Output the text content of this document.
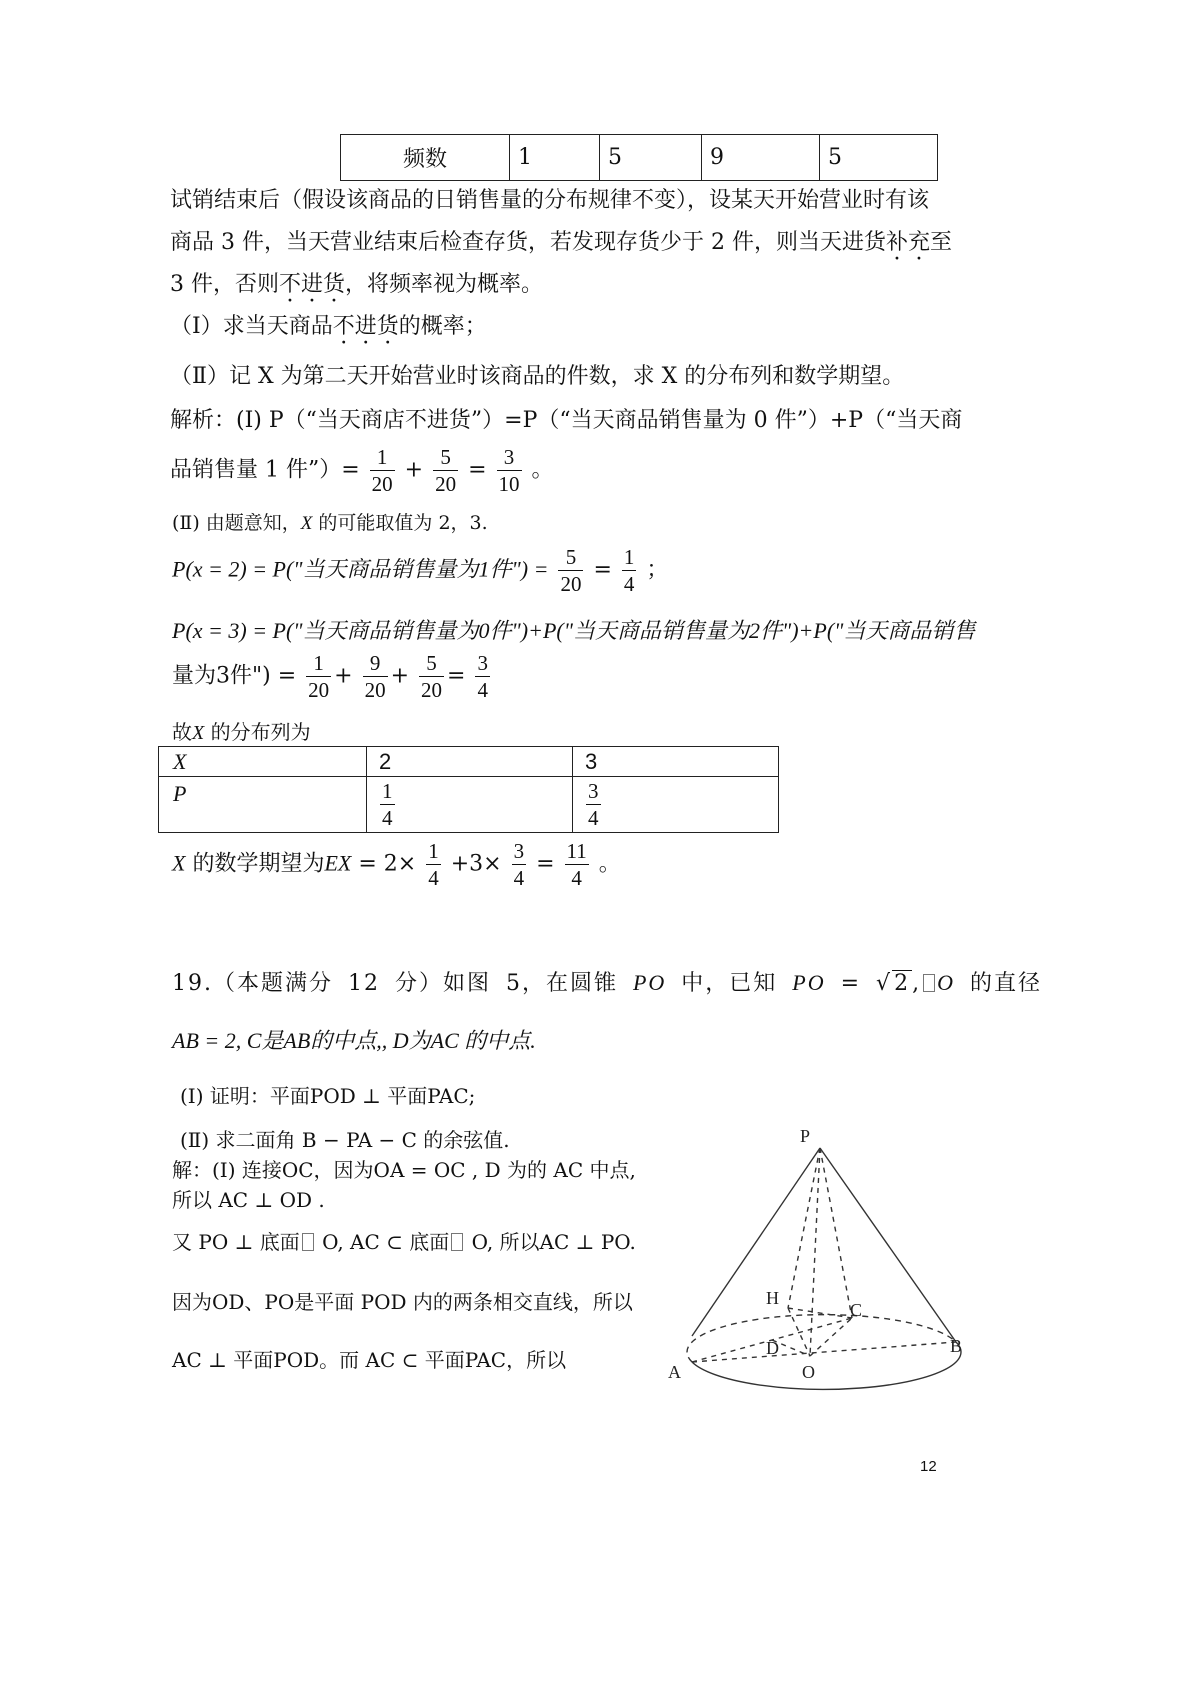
频数	1	5	9	5
试销结束后（假设该商品的日销售量的分布规律不变），设某天开始营业时有该
商品 3 件，当天营业结束后检查存货，若发现存货少于 2 件，则当天进货补充至
3 件，否则不进货，将频率视为概率。
（Ⅰ）求当天商品不进货的概率；
（Ⅱ）记 X 为第二天开始营业时该商品的件数，求 X 的分布列和数学期望。
解析：(Ⅰ) P（“当天商店不进货”）=P（“当天商品销售量为 0 件”）+P（“当天商
品销售量 1 件”）= $\frac{1}{20} + \frac{5}{20} = \frac{3}{10}$ 。
(Ⅱ) 由题意知，X 的可能取值为 2，3.
P(x = 2) = P("当天商品销售量为1件") = $\frac{5}{20} = \frac{1}{4}$ ；
P(x = 3) = P("当天商品销售量为0件")+P("当天商品销售量为2件")+P("当天商品销售
量为3件") = $\frac{1}{20} + \frac{9}{20} + \frac{5}{20} = \frac{3}{4}$
故X 的分布列为
X	2	3
P	$\frac{1}{4}$	$\frac{3}{4}$
X 的数学期望为EX = $2\times \frac{1}{4} +3\times \frac{3}{4} = \frac{11}{4}$ 。
19.（本题满分 12 分）如图 5，在圆锥 PO 中，已知 PO = √2, O 的直径
AB = 2, C是AB的中点,, D为AC 的中点.
(Ⅰ) 证明：平面POD ⊥ 平面PAC;
(Ⅱ) 求二面角 B − PA − C 的余弦值.
解：(Ⅰ) 连接OC，因为OA = OC , D 为的 AC 中点,
所以 AC ⊥ OD .
又 PO ⊥ 底面 O, AC ⊂ 底面 O, 所以AC ⊥ PO.
因为OD、PO是平面 POD 内的两条相交直线，所以
AC ⊥ 平面POD。而 AC ⊂ 平面PAC，所以
P
H
C
D
O
A
B
12
